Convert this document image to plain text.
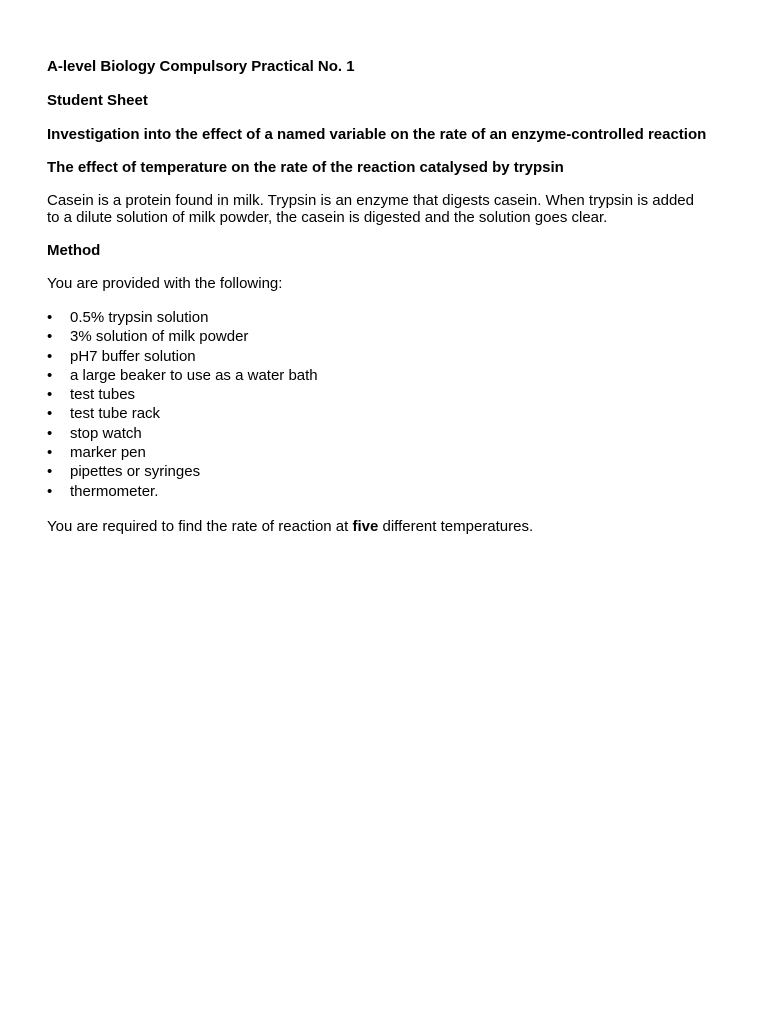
A-level Biology Compulsory Practical No. 1

Student Sheet

Investigation into the effect of a named variable on the rate of an enzyme-controlled reaction

The effect of temperature on the rate of the reaction catalysed by trypsin

Casein is a protein found in milk. Trypsin is an enzyme that digests casein. When trypsin is added to a dilute solution of milk powder, the casein is digested and the solution goes clear.

Method

You are provided with the following:

• 0.5% trypsin solution
• 3% solution of milk powder
• pH7 buffer solution
• a large beaker to use as a water bath
• test tubes
• test tube rack
• stop watch
• marker pen
• pipettes or syringes
• thermometer.

You are required to find the rate of reaction at five different temperatures.
